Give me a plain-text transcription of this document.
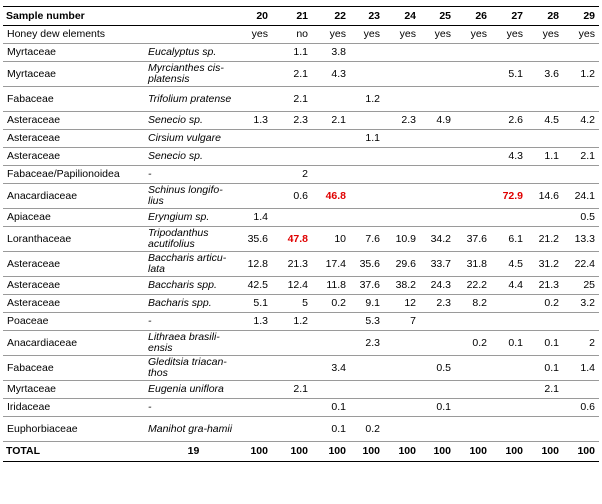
Sample number		20	21	22	23	24	25	26	27	28	29
Honey dew elements		yes	no	yes	yes	yes	yes	yes	yes	yes	yes
Myrtaceae	Eucalyptus sp.		1.1	3.8							
Myrtaceae	Myrcianthes cis-platensis		2.1	4.3					5.1	3.6	1.2
Fabaceae	Trifolium pratense		2.1		1.2						
Asteraceae	Senecio sp.	1.3	2.3	2.1		2.3	4.9		2.6	4.5	4.2
Asteraceae	Cirsium vulgare				1.1						
Asteraceae	Senecio sp.								4.3	1.1	2.1
Fabaceae/Papilionoidea	-		2								
Anacardiaceae	Schinus longifo-lius		0.6	46.8					72.9	14.6	24.1
Apiaceae	Eryngium sp.	1.4									0.5
Loranthaceae	Tripodanthus acutifolius	35.6	47.8	10	7.6	10.9	34.2	37.6	6.1	21.2	13.3
Asteraceae	Baccharis articu-lata	12.8	21.3	17.4	35.6	29.6	33.7	31.8	4.5	31.2	22.4
Asteraceae	Baccharis spp.	42.5	12.4	11.8	37.6	38.2	24.3	22.2	4.4	21.3	25
Asteraceae	Bacharis spp.	5.1	5	0.2	9.1	12	2.3	8.2		0.2	3.2
Poaceae	-	1.3	1.2		5.3	7					
Anacardiaceae	Lithraea brasili-ensis				2.3			0.2	0.1	0.1	2
Fabaceae	Gleditsia triacan-thos			3.4			0.5			0.1	1.4
Myrtaceae	Eugenia uniflora		2.1							2.1	
Iridaceae	-			0.1			0.1				0.6
Euphorbiaceae	Manihot gra-hamii			0.1	0.2						
TOTAL	19	100	100	100	100	100	100	100	100	100	100
